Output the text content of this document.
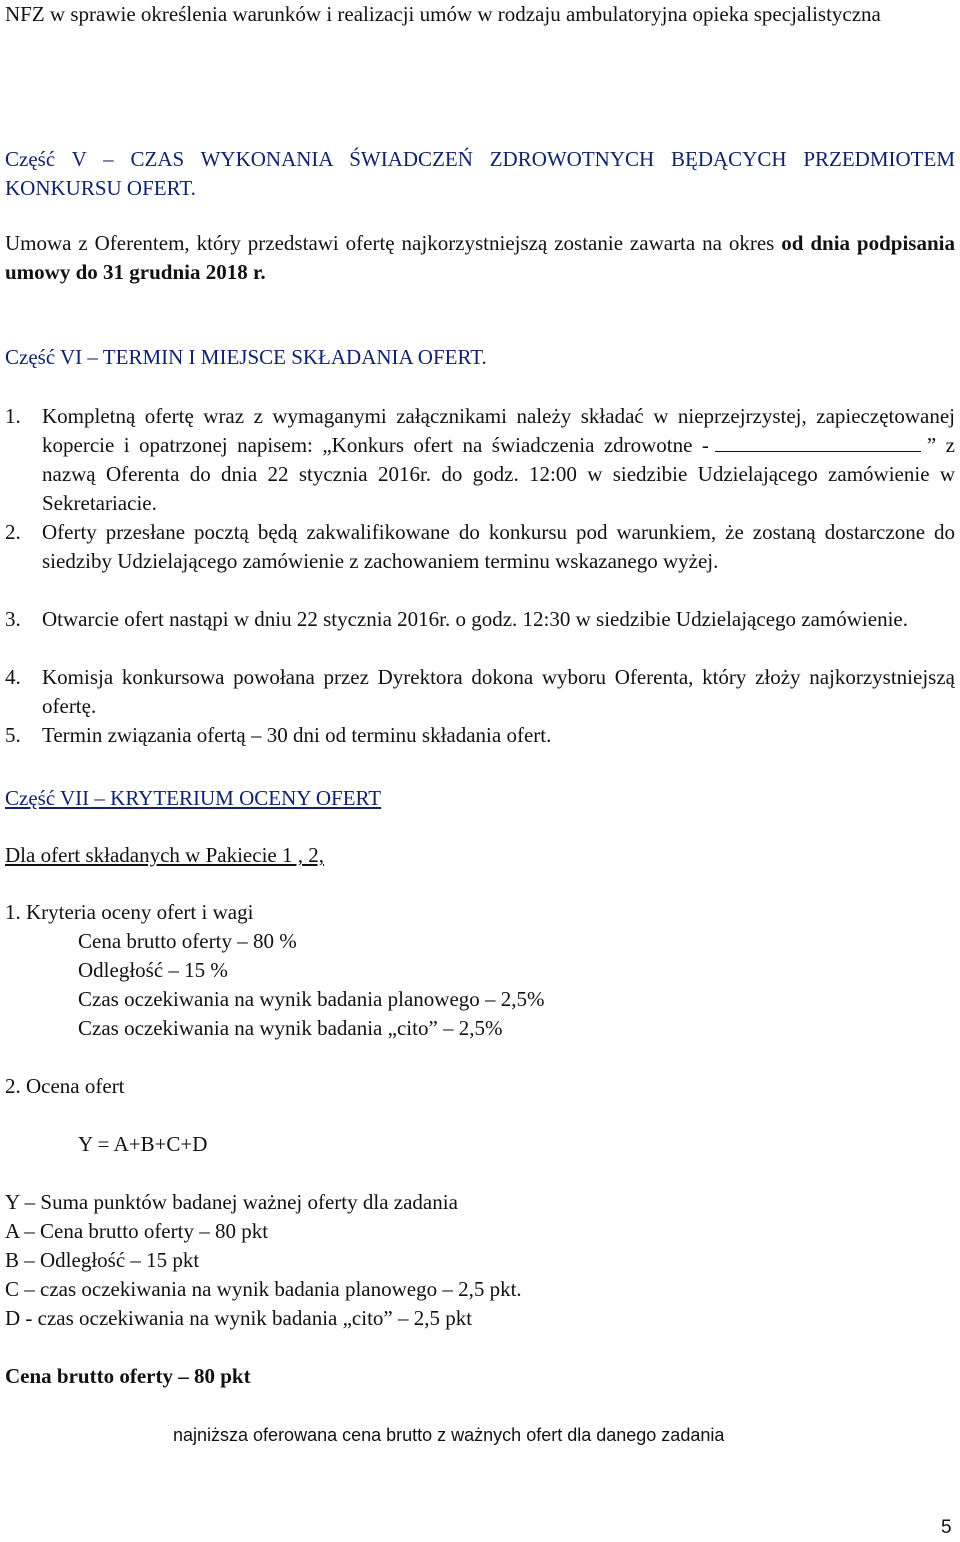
NFZ w sprawie określenia warunków i realizacji umów w rodzaju ambulatoryjna opieka specjalistyczna
Część V – CZAS WYKONANIA ŚWIADCZEŃ ZDROWOTNYCH BĘDĄCYCH PRZEDMIOTEM KONKURSU OFERT.
Umowa z Oferentem, który przedstawi ofertę najkorzystniejszą zostanie zawarta na okres od dnia podpisania umowy do 31 grudnia 2018 r.
Część VI – TERMIN I MIEJSCE SKŁADANIA OFERT.
1.	Kompletną ofertę wraz z wymaganymi załącznikami należy składać w nieprzejrzystej, zapieczętowanej kopercie i opatrzonej napisem: „Konkurs ofert na świadczenia zdrowotne -	” z nazwą Oferenta do dnia 22 stycznia 2016r. do godz. 12:00 w siedzibie Udzielającego zamówienie w Sekretariacie.
2.	Oferty przesłane pocztą będą zakwalifikowane do konkursu pod warunkiem, że zostaną dostarczone do siedziby Udzielającego zamówienie z zachowaniem terminu wskazanego wyżej.
3.	Otwarcie ofert nastąpi w dniu 22 stycznia 2016r. o godz. 12:30 w siedzibie Udzielającego zamówienie.
4.	Komisja konkursowa powołana przez Dyrektora dokona wyboru Oferenta, który złoży najkorzystniejszą ofertę.
5.	Termin związania ofertą – 30 dni od terminu składania ofert.
Część VII – KRYTERIUM OCENY OFERT
Dla ofert składanych w Pakiecie 1 , 2,
1. Kryteria oceny ofert i wagi
Cena brutto oferty – 80 %
Odległość – 15 %
Czas oczekiwania na wynik badania planowego – 2,5%
Czas oczekiwania na wynik badania „cito” – 2,5%
2. Ocena ofert
Y = A+B+C+D
Y – Suma punktów badanej ważnej oferty dla zadania
A – Cena brutto oferty – 80 pkt
B – Odległość – 15 pkt
C – czas oczekiwania na wynik badania planowego – 2,5 pkt.
D - czas oczekiwania na wynik badania „cito” – 2,5 pkt
Cena brutto oferty – 80 pkt
najniższa oferowana cena brutto z ważnych ofert dla danego zadania
5
